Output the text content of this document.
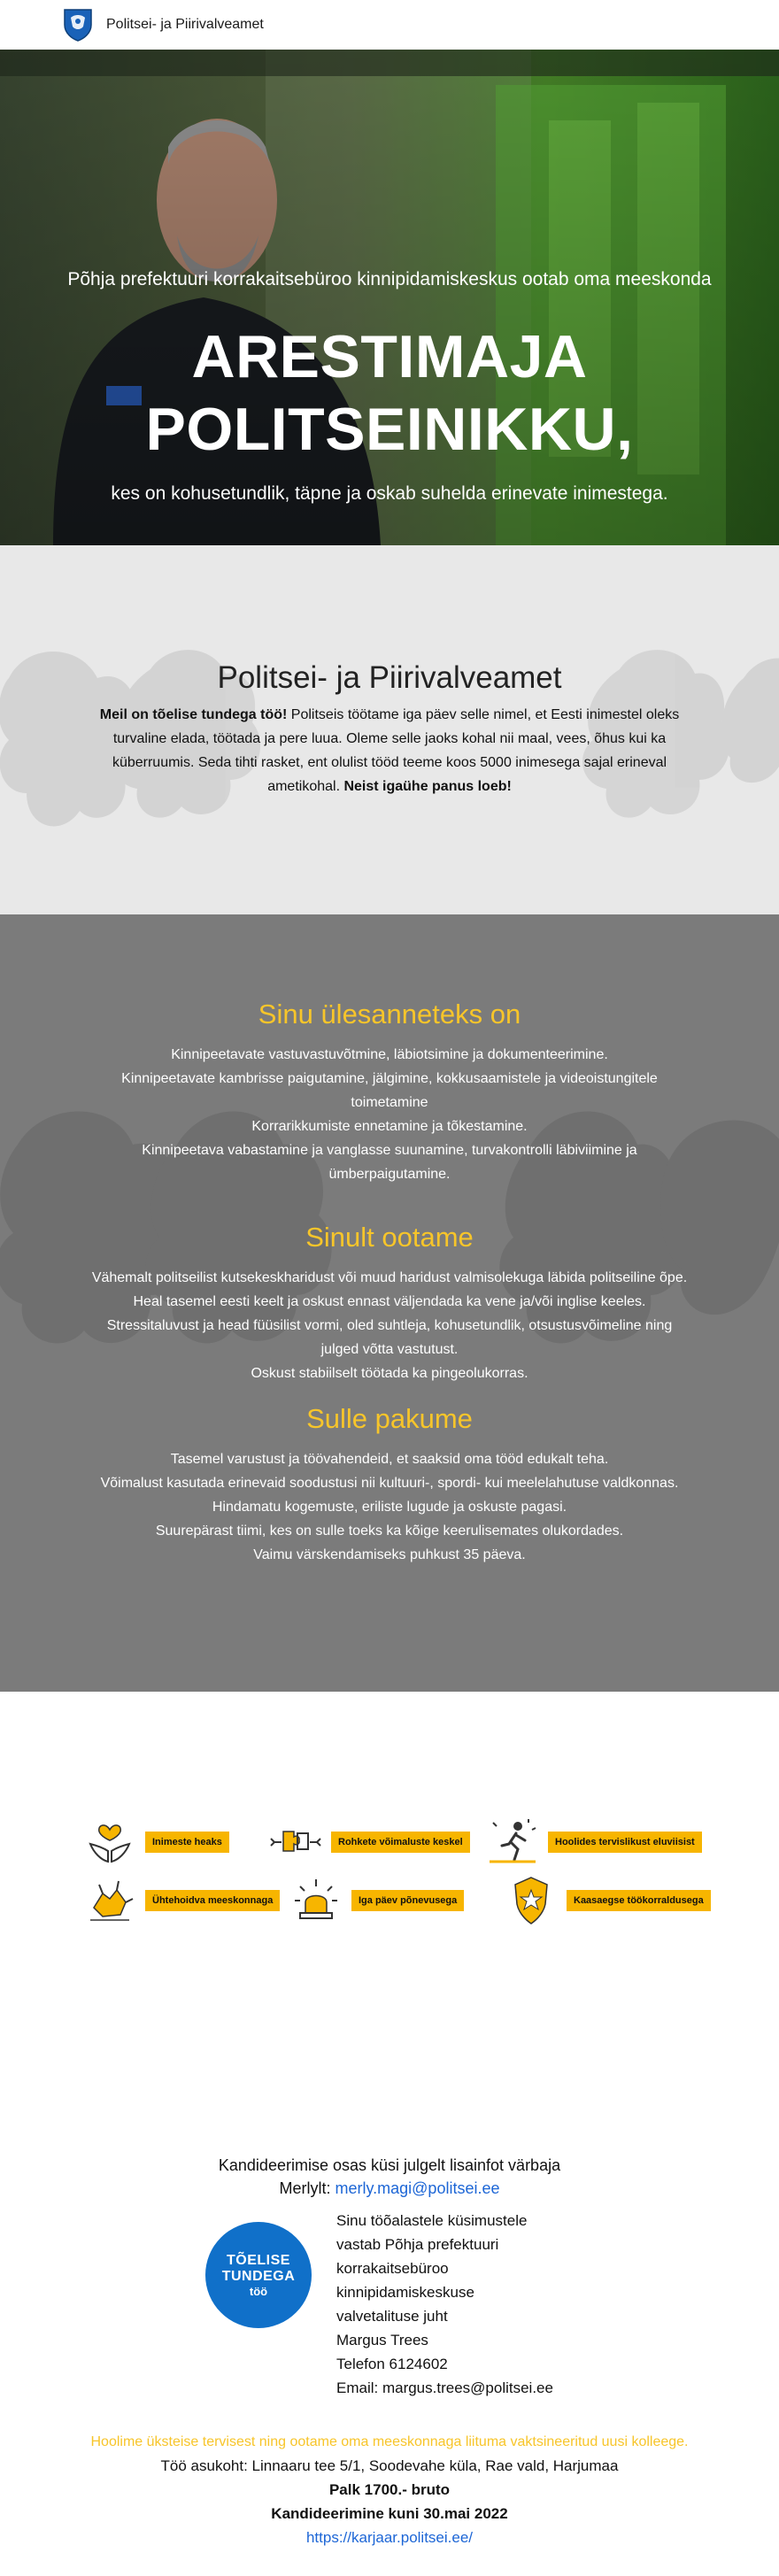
Politsei- ja Piirivalveamet
Põhja prefektuuri korrakaitsebüroo kinnipidamiskeskus ootab oma meeskonda
ARESTIMAJA
POLITSEINIKKU,
kes on kohusetundlik, täpne ja oskab suhelda erinevate inimestega.
Politsei- ja Piirivalveamet

Meil on tõelise tundega töö! Politseis töötame iga päev selle nimel, et Eesti inimestel oleks turvaline elada, töötada ja pere luua. Oleme selle jaoks kohal nii maal, vees, õhus kui ka küberruumis. Seda tihti rasket, ent olulist tööd teeme koos 5000 inimesega sajal erineval ametikohal. Neist igaühe panus loeb!

Sinu ülesanneteks on
Kinnipeetavate vastuvastuvõtmine, läbiotsimine ja dokumenteerimine.
Kinnipeetavate kambrisse paigutamine, jälgimine, kokkusaamistele ja videoistungitele toimetamine
Korrarikkumiste ennetamine ja tõkestamine.
Kinnipeetava vabastamine ja vanglasse suunamine, turvakontrolli läbiviimine ja ümberpaigutamine.
Sinult ootame
Vähemalt politseilist kutsekeskharidust või muud haridust valmisolekuga läbida politseiline õpe.
Heal tasemel eesti keelt ja oskust ennast väljendada ka vene ja/või inglise keeles.
Stressitaluvust ja head füüsilist vormi, oled suhtleja, kohusetundlik, otsustusvõimeline ning julged võtta vastutust.
Oskust stabiilselt töötada ka pingeolukorras.
Sulle pakume
Tasemel varustust ja töövahendeid, et saaksid oma tööd edukalt teha.
Võimalust kasutada erinevaid soodustusi nii kultuuri-, spordi- kui meelelahutuse valdkonnas.
Hindamatu kogemuste, eriliste lugude ja oskuste pagasi.
Suurepärast tiimi, kes on sulle toeks ka kõige keerulisemates olukordades.
Vaimu värskendamiseks puhkust 35 päeva.
Inimeste heaks	Rohkete võimaluste keskel	Hoolides tervislikust eluviisist
Ühtehoidva meeskonnaga	Iga päev põnevusega	Kaasaegse töökorraldusega
Kandideerimise osas küsi julgelt lisainfot värbaja
Merlylt: merly.magi@politsei.ee
TÕELISE
TUNDEGA
töö
Sinu töõalastele küsimustele
vastab Põhja prefektuuri
korrakaitsebüroo
kinnipidamiskeskuse
valvetalituse juht
Margus Trees
Telefon 6124602
Email: margus.trees@politsei.ee
Hoolime üksteise tervisest ning ootame oma meeskonnaga liituma vaktsineeritud uusi kolleege.
Töö asukoht: Linnaaru tee 5/1, Soodevahe küla, Rae vald, Harjumaa
Palk 1700.- bruto
Kandideerimine kuni 30.mai 2022
https://karjaar.politsei.ee/
